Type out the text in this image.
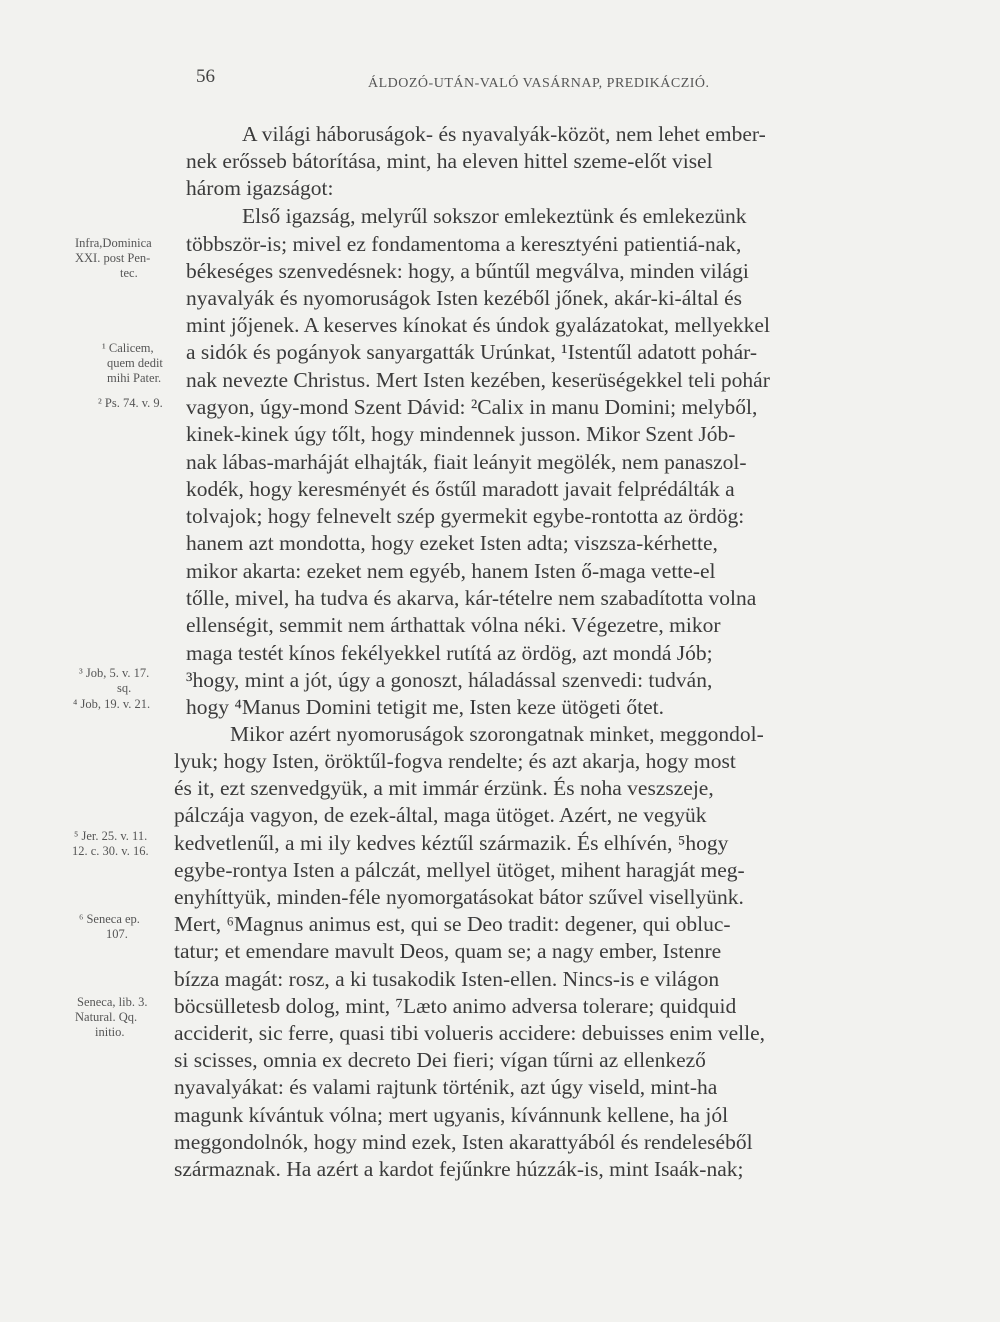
56	ÁLDOZÓ-UTÁN-VALÓ VASÁRNAP, PREDIKÁCZIÓ.
A világi háboruságok- és nyavalyák-közöt, nem lehet ember-
nek erősseb bátorítása, mint, ha eleven hittel szeme-előt visel
három igazságot:
Első igazság, melyrűl sokszor emlekeztünk és emlekezünk
többször-is; mivel ez fondamentoma a keresztyéni patientiá-nak,
békeséges szenvedésnek: hogy, a bűntűl megválva, minden világi
nyavalyák és nyomoruságok Isten kezéből jőnek, akár-ki-által és
mint jőjenek. A keserves kínokat és úndok gyalázatokat, mellyekkel
a sidók és pogányok sanyargatták Urúnkat, ¹Istentűl adatott pohár-
nak nevezte Christus. Mert Isten kezében, keserüségekkel teli pohár
vagyon, úgy-mond Szent Dávid: ²Calix in manu Domini; melyből,
kinek-kinek úgy tőlt, hogy mindennek jusson. Mikor Szent Jób-
nak lábas-marháját elhajták, fiait leányit megölék, nem panaszol-
kodék, hogy keresményét és őstűl maradott javait felprédálták a
tolvajok; hogy felnevelt szép gyermekit egybe-rontotta az ördög:
hanem azt mondotta, hogy ezeket Isten adta; viszsza-kérhette,
mikor akarta: ezeket nem egyéb, hanem Isten ő-maga vette-el
tőlle, mivel, ha tudva és akarva, kár-tételre nem szabadította volna
ellenségit, semmit nem árthattak vólna néki. Végezetre, mikor
maga testét kínos fekélyekkel rutítá az ördög, azt mondá Jób;
³hogy, mint a jót, úgy a gonoszt, háladással szenvedi: tudván,
hogy ⁴Manus Domini tetigit me, Isten keze ütögeti őtet.
Mikor azért nyomoruságok szorongatnak minket, meggondol-
lyuk; hogy Isten, öröktűl-fogva rendelte; és azt akarja, hogy most
és it, ezt szenvedgyük, a mit immár érzünk. És noha veszszeje,
pálczája vagyon, de ezek-által, maga ütöget. Azért, ne vegyük
kedvetlenűl, a mi ily kedves kéztűl származik. És elhívén, ⁵hogy
egybe-rontya Isten a pálczát, mellyel ütöget, mihent haragját meg-
enyhíttyük, minden-féle nyomorgatásokat bátor szűvel visellyünk.
Mert, ⁶Magnus animus est, qui se Deo tradit: degener, qui obluc-
tatur; et emendare mavult Deos, quam se; a nagy ember, Istenre
bízza magát: rosz, a ki tusakodik Isten-ellen. Nincs-is e világon
böcsülletesb dolog, mint, ⁷Læto animo adversa tolerare; quidquid
acciderit, sic ferre, quasi tibi volueris accidere: debuisses enim velle,
si scisses, omnia ex decreto Dei fieri; vígan tűrni az ellenkező
nyavalyákat: és valami rajtunk történik, azt úgy viseld, mint-ha
magunk kívántuk vólna; mert ugyanis, kívánnunk kellene, ha jól
meggondolnók, hogy mind ezek, Isten akarattyából és rendeleséből
származnak. Ha azért a kardot fejűnkre húzzák-is, mint Isaák-nak;
Infra,Dominica
XXI. post Pen-
tec.
¹ Calicem,
quem dedit
mihi Pater.
² Ps. 74. v. 9.
³ Job, 5. v. 17.
sq.
⁴ Job, 19. v. 21.
⁵ Jer. 25. v. 11.
12. c. 30. v. 16.
⁶ Seneca ep.
107.
Seneca, lib. 3.
Natural. Qq.
initio.
